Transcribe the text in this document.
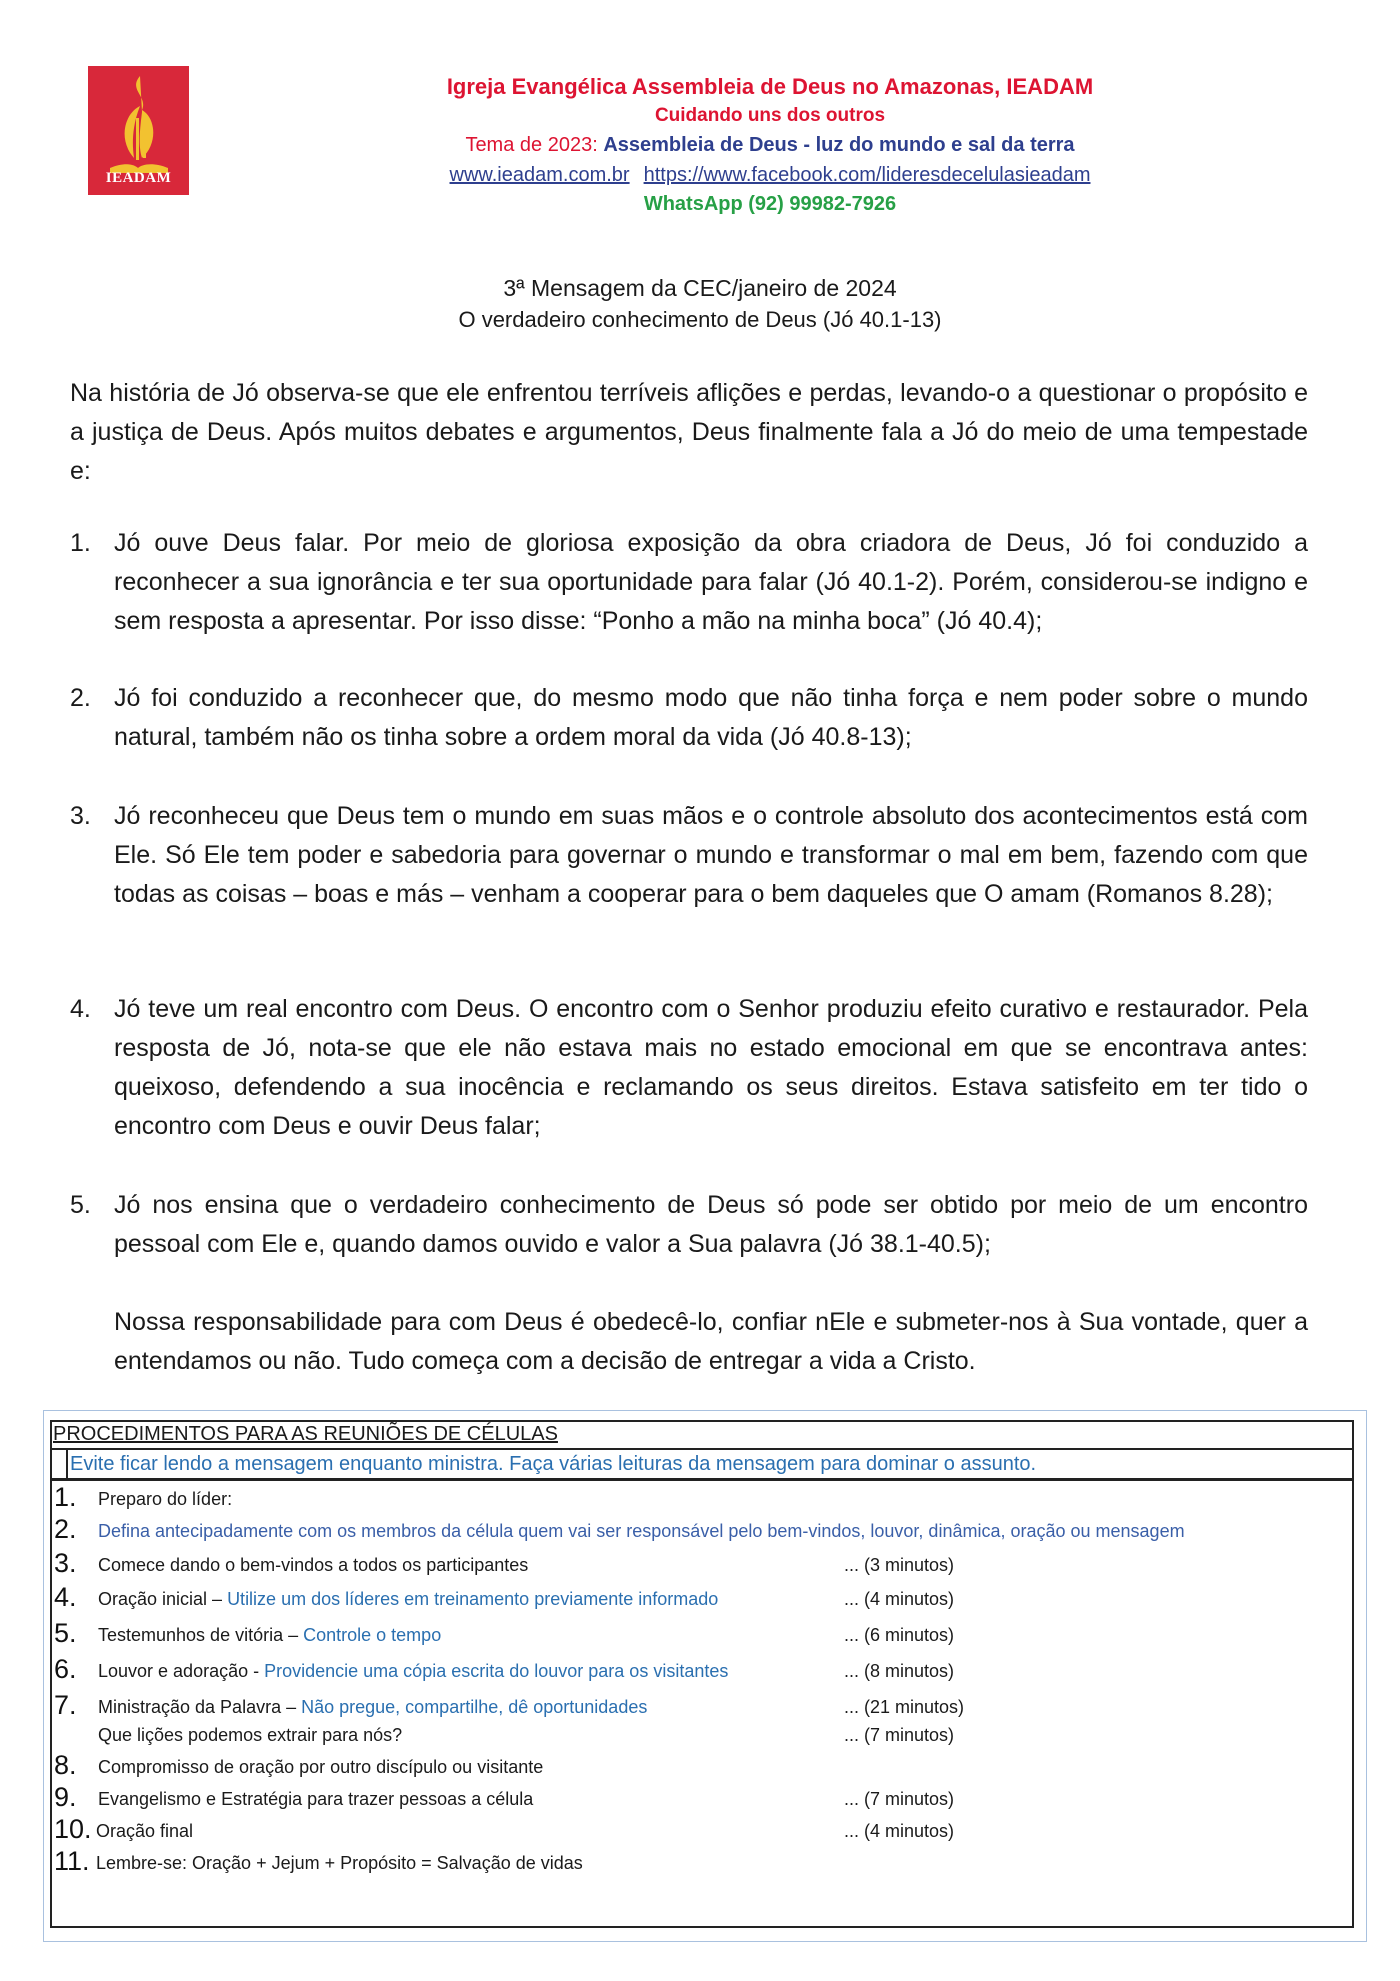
IEADAM
Igreja Evangélica Assembleia de Deus no Amazonas, IEADAM
Cuidando uns dos outros
Tema de 2023: Assembleia de Deus - luz do mundo e sal da terra
www.ieadam.com.br https://www.facebook.com/lideresdecelulasieadam
WhatsApp (92) 99982-7926
3ª Mensagem da CEC/janeiro de 2024
O verdadeiro conhecimento de Deus (Jó 40.1-13)
Na história de Jó observa-se que ele enfrentou terríveis aflições e perdas, levando-o a questionar o propósito e a justiça de Deus. Após muitos debates e argumentos, Deus finalmente fala a Jó do meio de uma tempestade e:
1. Jó ouve Deus falar. Por meio de gloriosa exposição da obra criadora de Deus, Jó foi conduzido a reconhecer a sua ignorância e ter sua oportunidade para falar (Jó 40.1-2). Porém, considerou-se indigno e sem resposta a apresentar. Por isso disse: “Ponho a mão na minha boca” (Jó 40.4);
2. Jó foi conduzido a reconhecer que, do mesmo modo que não tinha força e nem poder sobre o mundo natural, também não os tinha sobre a ordem moral da vida (Jó 40.8-13);
3. Jó reconheceu que Deus tem o mundo em suas mãos e o controle absoluto dos acontecimentos está com Ele. Só Ele tem poder e sabedoria para governar o mundo e transformar o mal em bem, fazendo com que todas as coisas – boas e más – venham a cooperar para o bem daqueles que O amam (Romanos 8.28);
4. Jó teve um real encontro com Deus. O encontro com o Senhor produziu efeito curativo e restaurador. Pela resposta de Jó, nota-se que ele não estava mais no estado emocional em que se encontrava antes: queixoso, defendendo a sua inocência e reclamando os seus direitos. Estava satisfeito em ter tido o encontro com Deus e ouvir Deus falar;
5. Jó nos ensina que o verdadeiro conhecimento de Deus só pode ser obtido por meio de um encontro pessoal com Ele e, quando damos ouvido e valor a Sua palavra (Jó 38.1-40.5);
Nossa responsabilidade para com Deus é obedecê-lo, confiar nEle e submeter-nos à Sua vontade, quer a entendamos ou não. Tudo começa com a decisão de entregar a vida a Cristo.
PROCEDIMENTOS PARA AS REUNIÕES DE CÉLULAS
Evite ficar lendo a mensagem enquanto ministra. Faça várias leituras da mensagem para dominar o assunto.
1. Preparo do líder:
2. Defina antecipadamente com os membros da célula quem vai ser responsável pelo bem-vindos, louvor, dinâmica, oração ou mensagem
3. Comece dando o bem-vindos a todos os participantes	... (3 minutos)
4. Oração inicial – Utilize um dos líderes em treinamento previamente informado	... (4 minutos)
5. Testemunhos de vitória – Controle o tempo	... (6 minutos)
6. Louvor e adoração - Providencie uma cópia escrita do louvor para os visitantes	... (8 minutos)
7. Ministração da Palavra – Não pregue, compartilhe, dê oportunidades	... (21 minutos)
Que lições podemos extrair para nós?	... (7 minutos)
8. Compromisso de oração por outro discípulo ou visitante
9. Evangelismo e Estratégia para trazer pessoas a célula	... (7 minutos)
10. Oração final	... (4 minutos)
11. Lembre-se: Oração + Jejum + Propósito = Salvação de vidas
